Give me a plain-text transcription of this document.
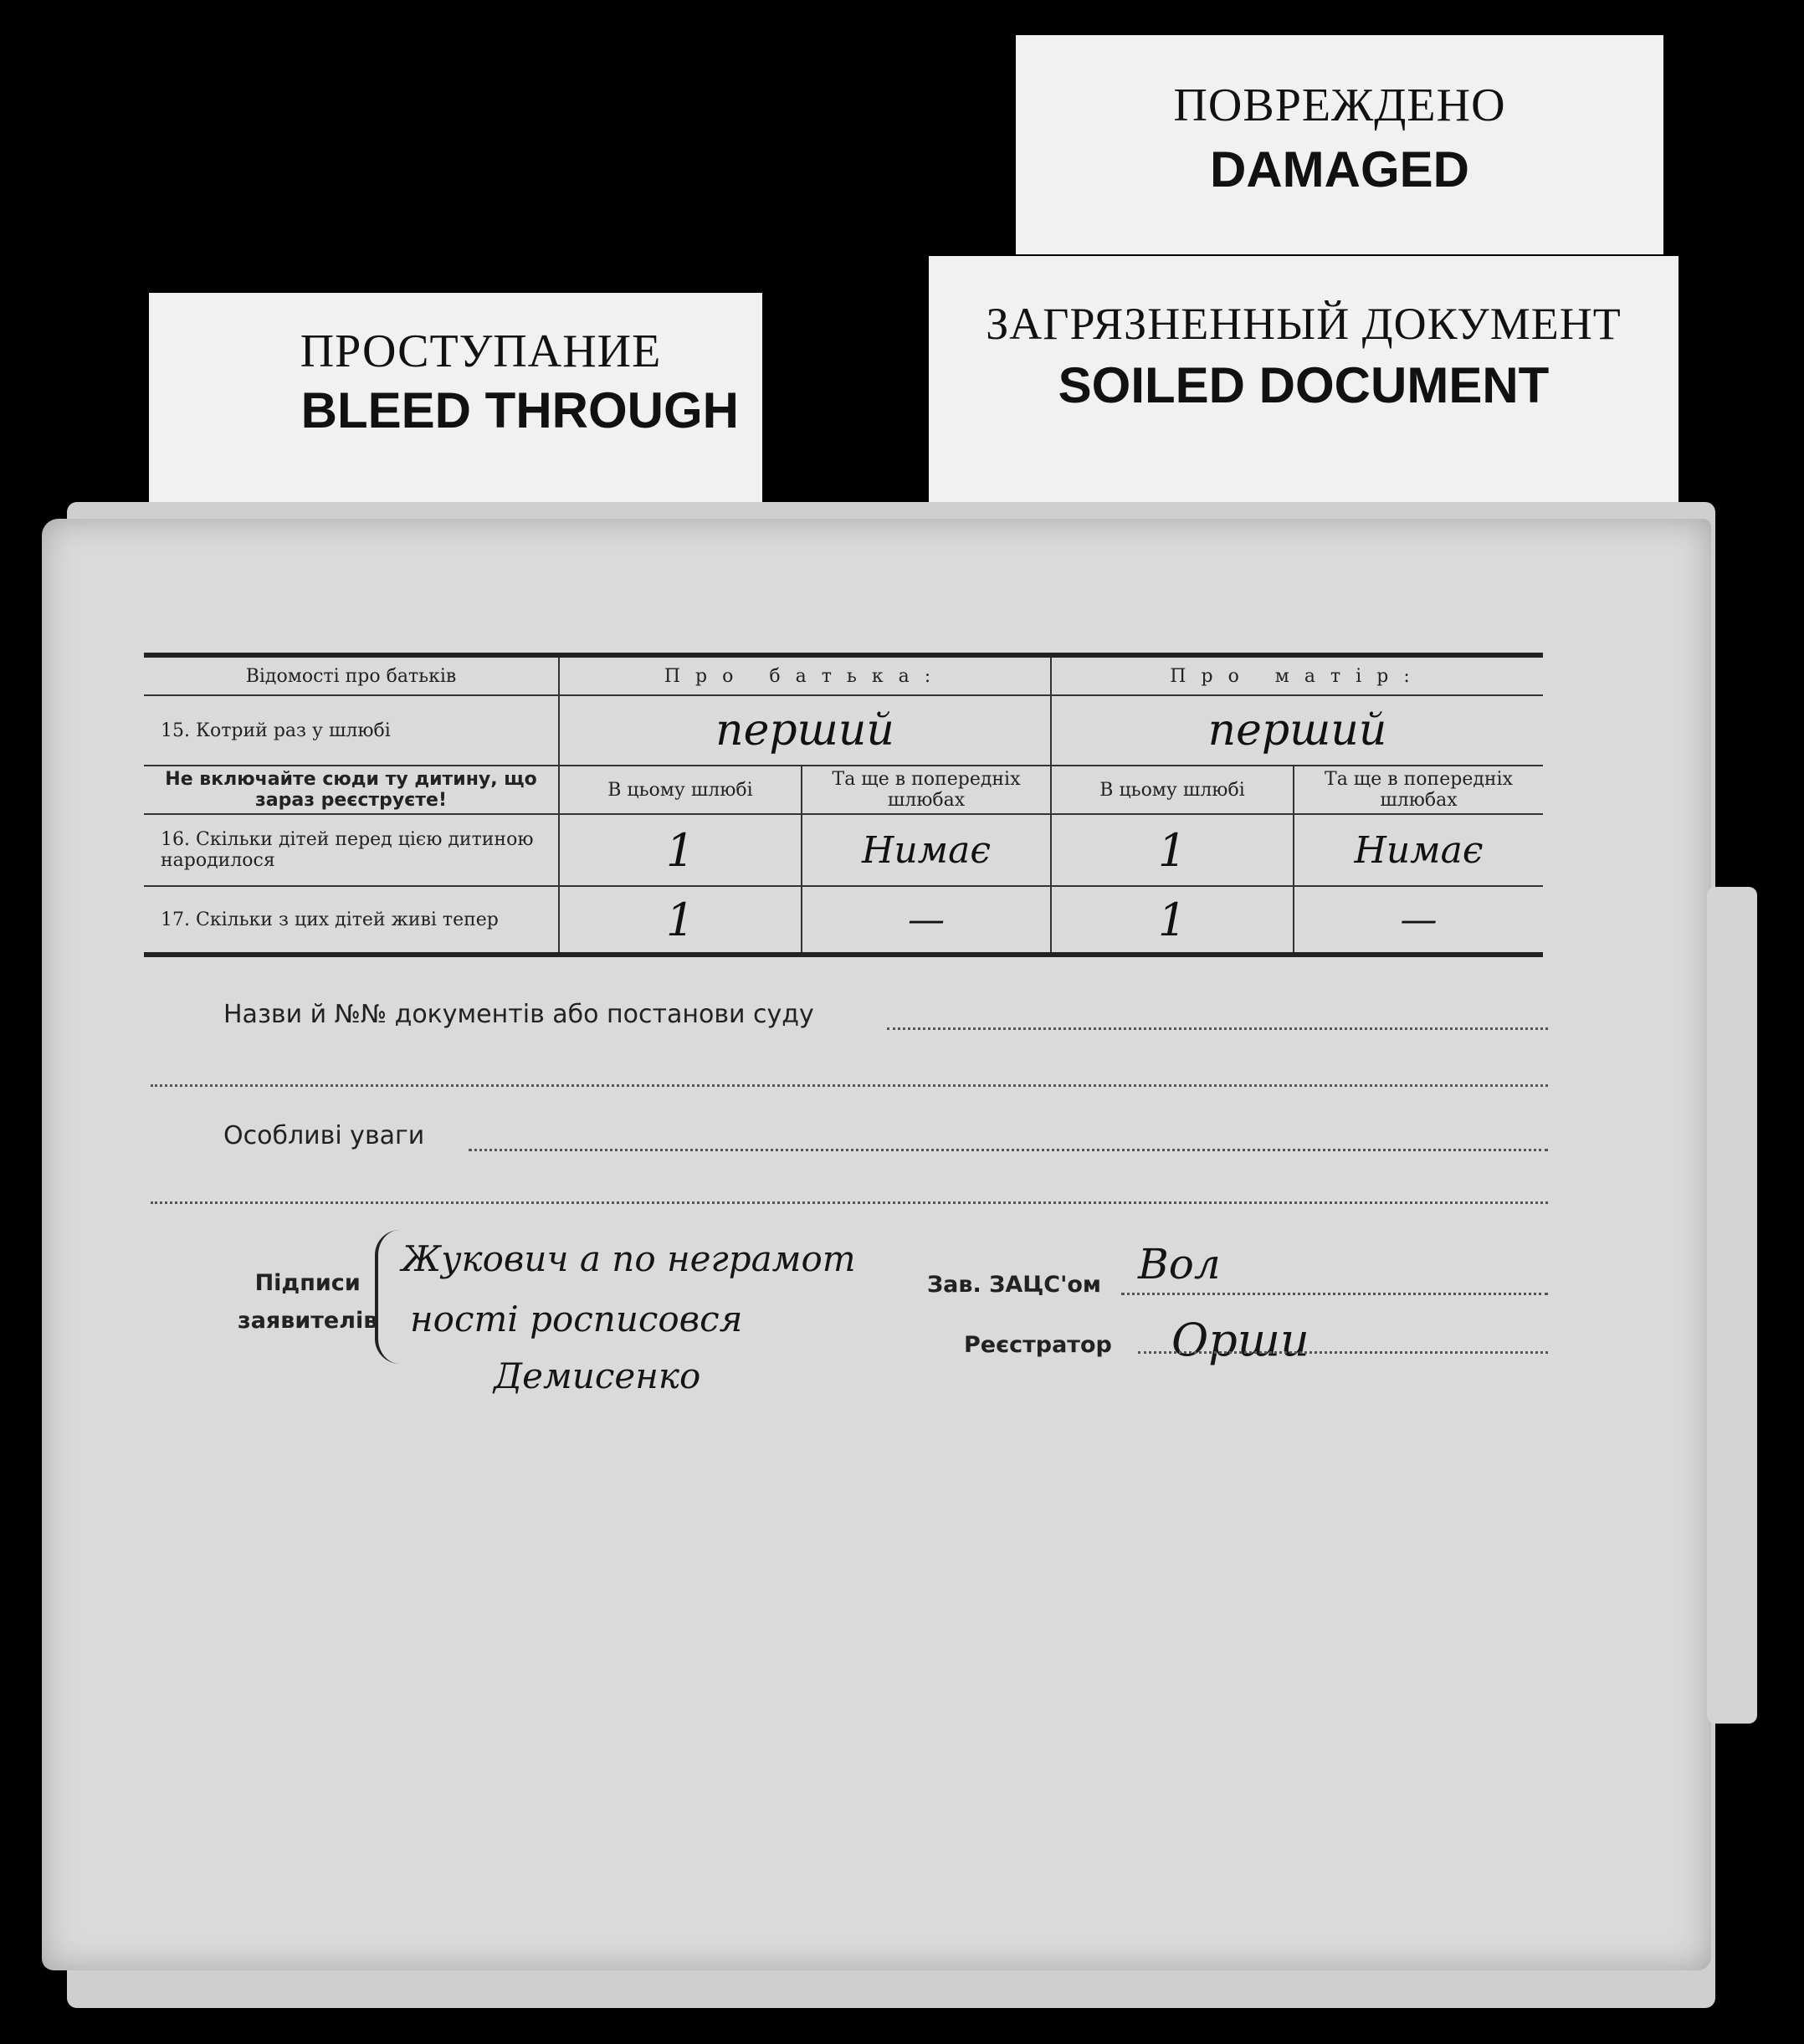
ПОВРЕЖДЕНО
DAMAGED
ПРОСТУПАНИЕ
BLEED THROUGH
ЗАГРЯЗНЕННЫЙ ДОКУМЕНТ
SOILED DOCUMENT
Відомості про батьків	Про батька:		Про матір:	
15. Котрий раз у шлюбі	перший		перший	
Не включайте сюди ту дитину, що зараз реєструєте!	В цьому шлюбі	Та ще в попередніх шлюбах	В цьому шлюбі	Та ще в попередніх шлюбах
16. Скільки дітей перед цією дитиною народилося	1	Нимає	1	Нимає
17. Скільки з цих дітей живі тепер	1	—	1	—
Назви й №№ документів або постанови суду
Особливі уваги
Підписи
заявителів
Жукович а по неграмот
ності росписовся
Демисенко
Зав. ЗАЦС'ом Вол
Реєстратор Орши
